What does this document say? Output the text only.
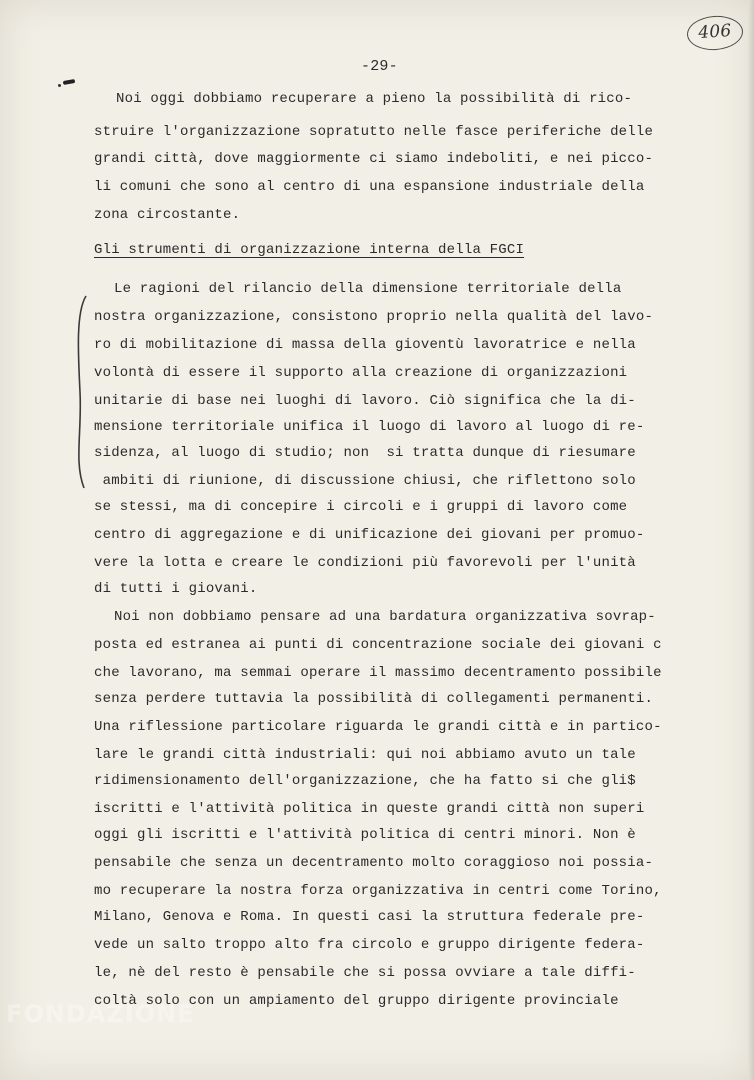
406
-29-
Noi oggi dobbiamo recuperare a pieno la possibilità di rico-
struire l'organizzazione sopratutto nelle fasce periferiche delle
grandi città, dove maggiormente ci siamo indeboliti, e nei picco-
li comuni che sono al centro di una espansione industriale della
zona circostante.
Gli strumenti di organizzazione interna della FGCI
Le ragioni del rilancio della dimensione territoriale della
nostra organizzazione, consistono proprio nella qualità del lavo-
ro di mobilitazione di massa della gioventù lavoratrice e nella
volontà di essere il supporto alla creazione di organizzazioni
unitarie di base nei luoghi di lavoro. Ciò significa che la di-
mensione territoriale unifica il luogo di lavoro al luogo di re-
sidenza, al luogo di studio; non  si tratta dunque di riesumare
ambiti di riunione, di discussione chiusi, che riflettono solo
se stessi, ma di concepire i circoli e i gruppi di lavoro come
centro di aggregazione e di unificazione dei giovani per promuo-
vere la lotta e creare le condizioni più favorevoli per l'unità
di tutti i giovani.
Noi non dobbiamo pensare ad una bardatura organizzativa sovrap-
posta ed estranea ai punti di concentrazione sociale dei giovani c
che lavorano, ma semmai operare il massimo decentramento possibile
senza perdere tuttavia la possibilità di collegamenti permanenti.
Una riflessione particolare riguarda le grandi città e in partico-
lare le grandi città industriali: qui noi abbiamo avuto un tale
ridimensionamento dell'organizzazione, che ha fatto si che gli$
iscritti e l'attività politica in queste grandi città non superi
oggi gli iscritti e l'attività politica di centri minori. Non è
pensabile che senza un decentramento molto coraggioso noi possia-
mo recuperare la nostra forza organizzativa in centri come Torino,
Milano, Genova e Roma. In questi casi la struttura federale pre-
vede un salto troppo alto fra circolo e gruppo dirigente federa-
le, nè del resto è pensabile che si possa ovviare a tale diffi-
coltà solo con un ampiamento del gruppo dirigente provinciale
FONDAZIONE
